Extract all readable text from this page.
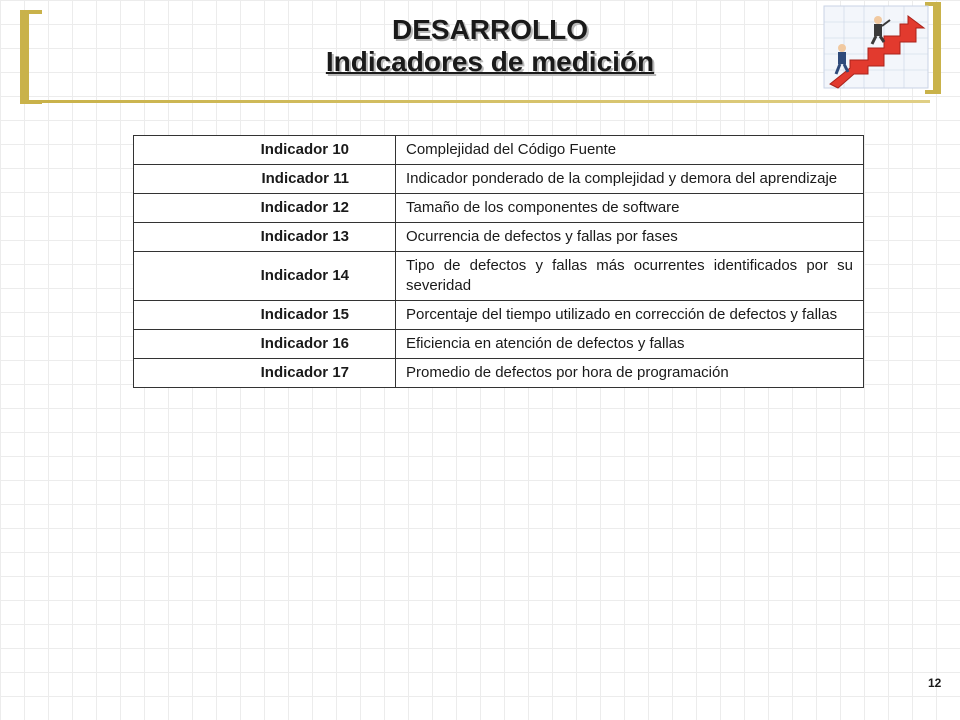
DESARROLLO
Indicadores de medición
Indicador 10	Complejidad del Código Fuente
Indicador 11	Indicador ponderado de la complejidad y demora del aprendizaje
Indicador 12	Tamaño de los componentes de software
Indicador 13	Ocurrencia de defectos y fallas por fases
Indicador 14	Tipo de defectos y fallas más ocurrentes identificados por su severidad
Indicador 15	Porcentaje del tiempo utilizado en corrección de defectos y fallas
Indicador 16	Eficiencia en atención de defectos y fallas
Indicador 17	Promedio de defectos por hora de programación
12
